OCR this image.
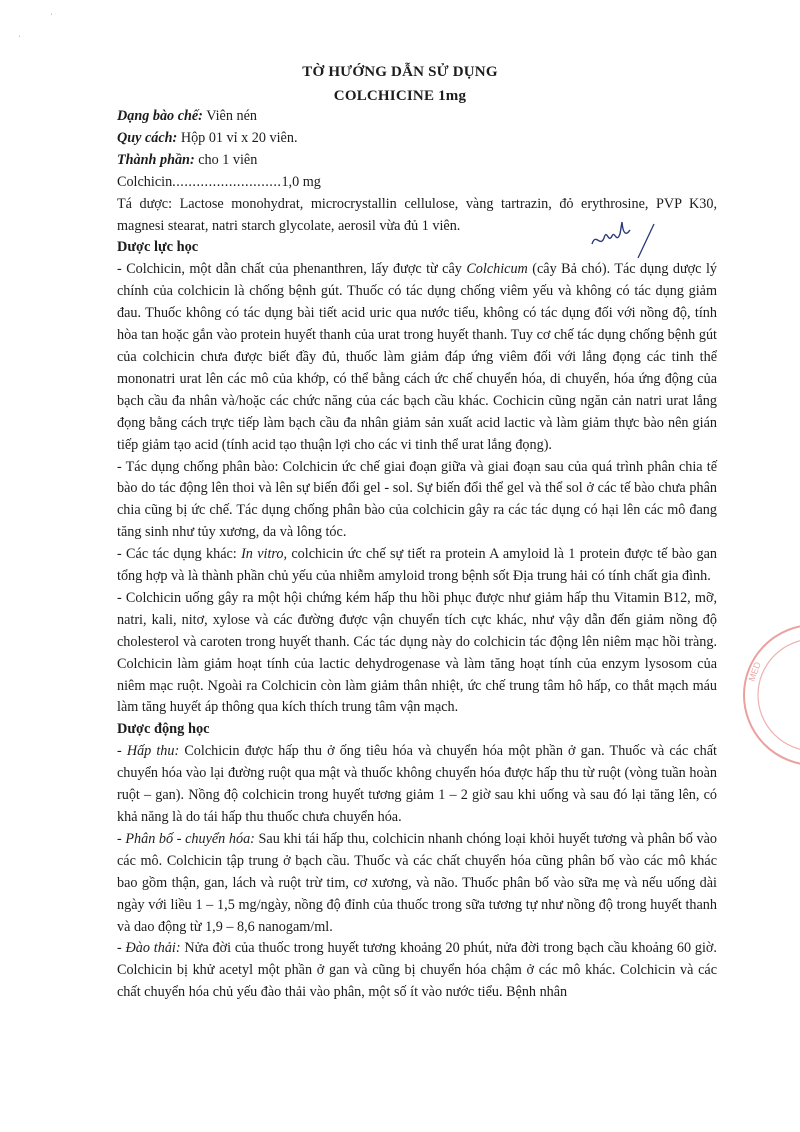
ˈ
ˈ
TỜ HƯỚNG DẪN SỬ DỤNG
COLCHICINE 1mg

Dạng bào chế: Viên nén

Quy cách: Hộp 01 vỉ x 20 viên.

Thành phần: cho 1 viên

Colchicin...........................1,0 mg

Tá dược: Lactose monohydrat, microcrystallin cellulose, vàng tartrazin, đỏ erythrosine, PVP K30, magnesi stearat, natri starch glycolate, aerosil vừa đủ 1 viên.

Dược lực học

- Colchicin, một dẫn chất của phenanthren, lấy được từ cây Colchicum (cây Bả chó). Tác dụng dược lý chính của colchicin là chống bệnh gút. Thuốc có tác dụng chống viêm yếu và không có tác dụng giảm đau. Thuốc không có tác dụng bài tiết acid uric qua nước tiểu, không có tác dụng đối với nồng độ, tính hòa tan hoặc gắn vào protein huyết thanh của urat trong huyết thanh. Tuy cơ chế tác dụng chống bệnh gút của colchicin chưa được biết đầy đủ, thuốc làm giảm đáp ứng viêm đối với lắng đọng các tinh thể mononatri urat lên các mô của khớp, có thể bằng cách ức chế chuyển hóa, di chuyển, hóa ứng động của bạch cầu đa nhân và/hoặc các chức năng của các bạch cầu khác. Cochicin cũng ngăn cản natri urat lắng đọng bằng cách trực tiếp làm bạch cầu đa nhân giảm sản xuất acid lactic và làm giảm thực bào nên gián tiếp giảm tạo acid (tính acid tạo thuận lợi cho các vi tinh thể urat lắng đọng).

- Tác dụng chống phân bào: Colchicin ức chế giai đoạn giữa và giai đoạn sau của quá trình phân chia tế bào do tác động lên thoi và lên sự biến đổi gel - sol. Sự biến đổi thể gel và thể sol ở các tế bào chưa phân chia cũng bị ức chế. Tác dụng chống phân bào của colchicin gây ra các tác dụng có hại lên các mô đang tăng sinh như tủy xương, da và lông tóc.

- Các tác dụng khác: In vitro, colchicin ức chế sự tiết ra protein A amyloid là 1 protein được tế bào gan tổng hợp và là thành phần chủ yếu của nhiễm amyloid trong bệnh sốt Địa trung hải có tính chất gia đình.

- Colchicin uống gây ra một hội chứng kém hấp thu hồi phục được như giảm hấp thu Vitamin B12, mỡ, natri, kali, nitơ, xylose và các đường được vận chuyển tích cực khác, như vậy dẫn đến giảm nồng độ cholesterol và caroten trong huyết thanh. Các tác dụng này do colchicin tác động lên niêm mạc hồi tràng. Colchicin làm giảm hoạt tính của lactic dehydrogenase và làm tăng hoạt tính của enzym lysosom của niêm mạc ruột. Ngoài ra Colchicin còn làm giảm thân nhiệt, ức chế trung tâm hô hấp, co thắt mạch máu làm tăng huyết áp thông qua kích thích trung tâm vận mạch.

Dược động học

- Hấp thu: Colchicin được hấp thu ở ống tiêu hóa và chuyển hóa một phần ở gan. Thuốc và các chất chuyển hóa vào lại đường ruột qua mật và thuốc không chuyển hóa được hấp thu từ ruột (vòng tuần hoàn ruột – gan). Nồng độ colchicin trong huyết tương giảm 1 – 2 giờ sau khi uống và sau đó lại tăng lên, có khả năng là do tái hấp thu thuốc chưa chuyển hóa.

- Phân bố - chuyển hóa: Sau khi tái hấp thu, colchicin nhanh chóng loại khỏi huyết tương và phân bố vào các mô. Colchicin tập trung ở bạch cầu. Thuốc và các chất chuyển hóa cũng phân bố vào các mô khác bao gồm thận, gan, lách và ruột trừ tim, cơ xương, và não. Thuốc phân bố vào sữa mẹ và nếu uống dài ngày với liều 1 – 1,5 mg/ngày, nồng độ đỉnh của thuốc trong sữa tương tự như nồng độ trong huyết thanh và dao động từ 1,9 – 8,6 nanogam/ml.

- Đào thải: Nửa đời của thuốc trong huyết tương khoảng 20 phút, nửa đời trong bạch cầu khoảng 60 giờ. Colchicin bị khử acetyl một phần ở gan và cũng bị chuyển hóa chậm ở các mô khác. Colchicin và các chất chuyển hóa chủ yếu đào thải vào phân, một số ít vào nước tiểu. Bệnh nhân

MED
